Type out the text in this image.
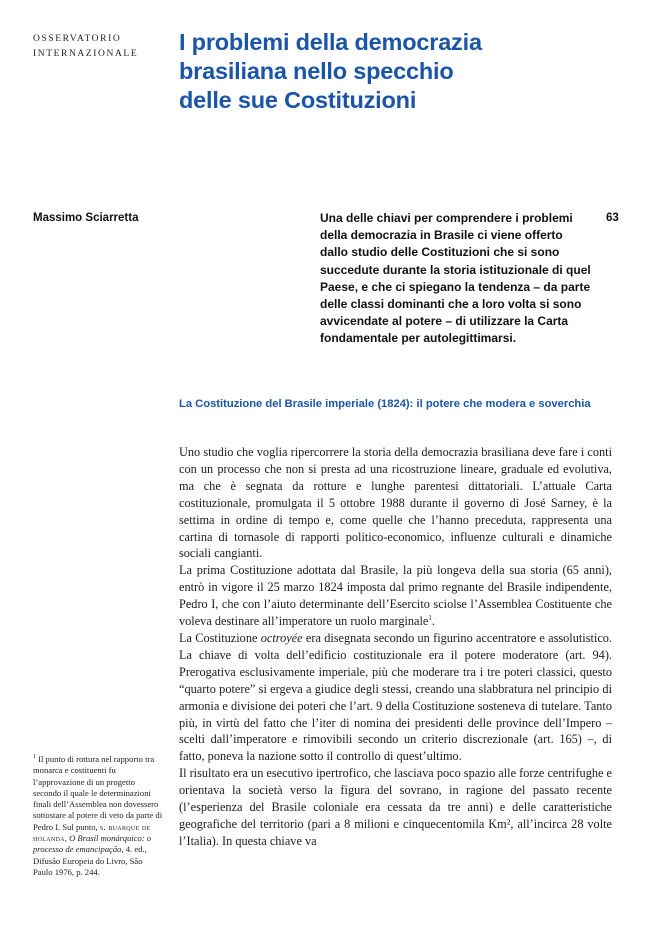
OSSERVATORIO
INTERNAZIONALE I problemi della democrazia
brasiliana nello specchio
delle sue Costituzioni
Massimo Sciarretta	63
Una delle chiavi per comprendere i problemi della democrazia in Brasile ci viene offerto dallo studio delle Costituzioni che si sono succedute durante la storia istituzionale di quel Paese, e che ci spiegano la tendenza – da parte delle classi dominanti che a loro volta si sono avvicendate al potere – di utilizzare la Carta fondamentale per autolegittimarsi.
La Costituzione del Brasile imperiale (1824): il potere che modera e soverchia

Uno studio che voglia ripercorrere la storia della democrazia brasiliana deve fare i conti con un processo che non si presta ad una ricostruzione lineare, graduale ed evolutiva, ma che è segnata da rotture e lunghe parentesi dittatoriali. L’attuale Carta costituzionale, promulgata il 5 ottobre 1988 durante il governo di José Sarney, è la settima in ordine di tempo e, come quelle che l’hanno preceduta, rappresenta una cartina di tornasole di rapporti politico-economico, influenze culturali e dinamiche sociali cangianti.

La prima Costituzione adottata dal Brasile, la più longeva della sua storia (65 anni), entrò in vigore il 25 marzo 1824 imposta dal primo regnante del Brasile indipendente, Pedro I, che con l’aiuto determinante dell’Esercito sciolse l’Assemblea Costituente che voleva destinare all’imperatore un ruolo marginale$^1$.

La Costituzione octroyée era disegnata secondo un figurino accentratore e assolutistico. La chiave di volta dell’edificio costituzionale era il potere moderatore (art. 94). Prerogativa esclusivamente imperiale, più che moderare tra i tre poteri classici, questo “quarto potere” si ergeva a giudice degli stessi, creando una slabbratura nel principio di armonia e divisione dei poteri che l’art. 9 della Costituzione sosteneva di tutelare. Tanto più, in virtù del fatto che l’iter di nomina dei presidenti delle province dell’Impero – scelti dall’imperatore e rimovibili secondo un criterio discrezionale (art. 165) –, di fatto, poneva la nazione sotto il controllo di quest’ultimo.

Il risultato era un esecutivo ipertrofico, che lasciava poco spazio alle forze centrifughe e orientava la società verso la figura del sovrano, in ragione del passato recente (l’esperienza del Brasile coloniale era cessata da tre anni) e delle caratteristiche geografiche del territorio (pari a 8 milioni e cinquecentomila Km², all’incirca 28 volte l’Italia). In questa chiave va

$^1$ Il punto di rottura nel rapporto tra monarca e costituenti fu l’approvazione di un progetto secondo il quale le determinazioni finali dell’Assemblea non dovessero sottostare al potere di veto da parte di Pedro I. Sul punto, s. buarque de holanda, O Brasil monárquico: o processo de emancipação, 4. ed., Difusão Europeia do Livro, São Paulo 1976, p. 244.
